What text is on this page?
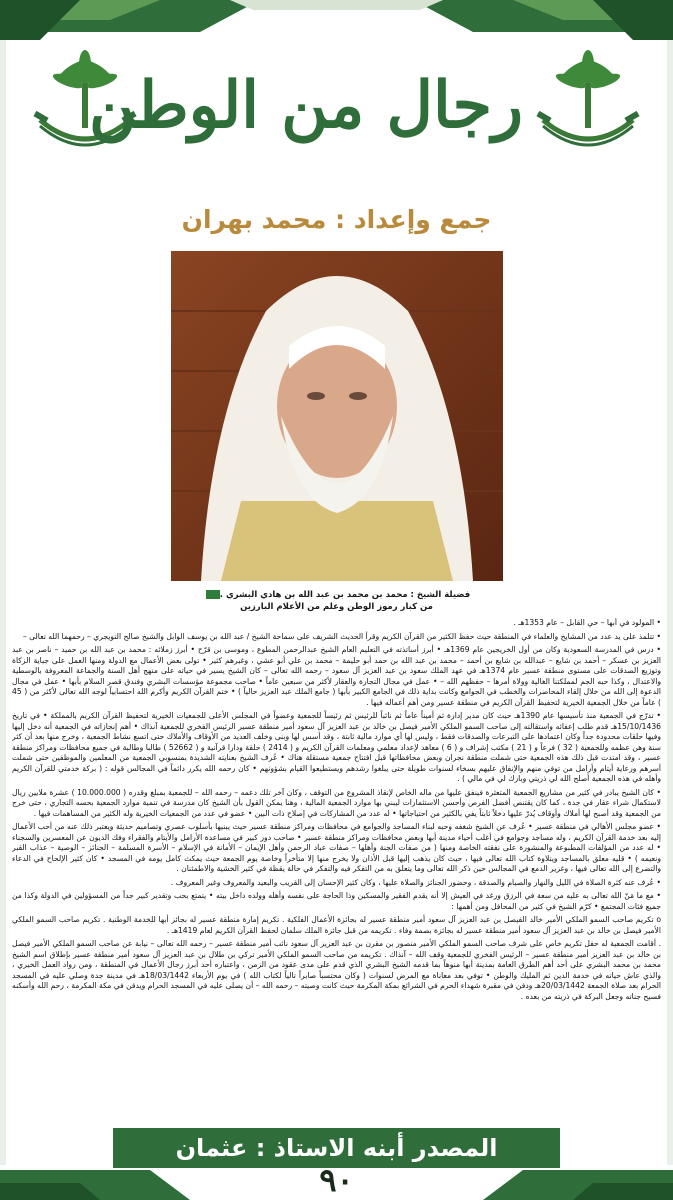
رجال من الوطن
جمع وإعداد : محمد بهران
فضيلة الشيخ : محمد بن محمد بن عبد الله بن هادي البشري .
من كبار رموز الوطن وعلم من الأعلام البارزين

• المولود في أبها – حي القابل – عام 1353هـ .

• تتلمذ على يد عدد من المشايخ والعلماء في المنطقة حيث حفظ الكثير من القرآن الكريم وقرأ الحديث الشريف على سماحة الشيخ / عبد الله بن يوسف الوابل والشيخ صالح التويجري – رحمهما الله تعالى –

• درس في المدرسة السعودية وكان من أول الخريجين عام 1369هـ • أبرز أساتذته في التعليم العام الشيخ عبدالرحمن المطوع ، وموسى بن قرّح • أبرز زملائه : محمد بن عبد الله بن حميد – ناصر بن عبد العزيز بن عسكر – أحمد بن شايع – عبدالله بن شايع بن أحمد – محمد بن عبد الله بن حمد أبو حليمة – محمد بن علي أبو عشي ، وغيرهم كثير • تولى بعض الأعمال مع الدولة ومنها العمل على جباية الزكاة وتوزيع الصدقات على مستوى منطقة عسير عام 1374هـ في عهد الملك سعود بن عبد العزيز آل سعود – رحمه الله تعالى – كان الشيخ يسير في حياته على منهج أهل السنة والجماعة المعروفة بالوسطية والاعتدال ، وكذا حبه الجم لمملكتنا الغالية وولاة أمرها – حفظهم الله – • عمل في مجال التجارة والعقار لأكثر من سبعين عاماً • صاحب مجموعة مؤسسات البشري وفندق قصر السلام بأبها • عمل في مجال الدعوة إلى الله من خلال إلقاء المحاضرات والخطب في الجوامع وكانت بداية ذلك في الجامع الكبير بأبها ( جامع الملك عبد العزيز حالياً ) • ختم القرآن الكريم وأكرم الله احتسابياً لوجه الله تعالى لأكثر من ( 45 ) عاماً من خلال الجمعية الخيرية لتحفيظ القرآن الكريم في منطقة عسير ومن أهم أعماله فيها .

• تدرّج في الجمعية منذ تأسيسها عام 1390هـ حيث كان مدير إدارة ثم أميناً عاماً ثم نائباً للرئيس ثم رئيساً للجمعية وعضواً في المجلس الأعلى للجمعيات الخيرية لتحفيظ القرآن الكريم بالمملكة • في تاريخ 15/10/1436هـ قدم طلب إعفائه واستقالته إلى صاحب السمو الملكي الأمير فيصل بن خالد بن عبد العزيز آل سعود أمير منطقة عسير الرئيس الفخري للجمعية آنذاك • أهم إنجازاته في الجمعية أنه دخل إليها وفيها حلقات محدودة جداً وكان اعتمادها على التبرعات والصدقات فقط ، وليس لها أي موارد مالية ثابتة ، وقد أسس لها وبنى وخلف العديد من الأوقاف والأملاك حتى اتسع نشاط الجمعية ، وخرج منها بعد أن كثر سنة وهن عظمه وللجمعية ( 32 ) فرعاً و ( 21 ) مكتب إشراف و ( 6 ) معاهد لإعداد معلمي ومعلمات القرآن الكريم و ( 2414 ) حلقة ودارا قرآنية و ( 52662 ) طالبا وطالبة في جميع محافظات ومراكز منطقة عسير ، وقد امتدت قبل ذلك هذه الجمعية حتى شملت منطقة نجران وبعض محافظاتها قبل افتتاح جمعية مستقلة هناك • عُرف الشيخ بعنايته الشديدة بمنسوبي الجمعية من المعلمين والموظفين حتى شملت أسرهم ورعاية أيتام وأرامل من توفي منهم والإنفاق عليهم بسخاء لسنوات طويلة حتى يبلغوا رشدهم ويستطيعوا القيام بشؤونهم • كان رحمه الله يكرر دائماً في المجالس قوله : ( بركة خدمتي للقرآن الكريم وأهله في هذه الجمعية أصلح الله لي ذريتي وبارك لي في مالي ) .

• كان الشيخ يبادر في كثير من مشاريع الجمعية المتعثرة فينفق عليها من ماله الخاص لإنقاذ المشروع من التوقف ، وكان آخر تلك دعمه – رحمه الله – للجمعية بمبلغ وقدره ( 10.000.000 ) عشرة ملايين ريال لاستكمال شراء عقار في جدة ، كما كان يقتنص أفضل الفرص وأحسن الاستثمارات ليبني بها موارد الجمعية المالية ، وهنا يمكن القول بأن الشيخ كان مدرسة في تنمية موارد الجمعية بحسه التجاري ، حتى خرج من الجمعية وقد أصبح لها أملاك وأوقاف يُدرّ عليها دخلاً ثابتاً يفي بالكثير من احتياجاتها • له عدد من المشاركات في إصلاح ذات البين • عضو في عدد من الجمعيات الخيرية وله الكثير من المساهمات فيها .

• عضو مجلس الأهالي في منطقة عسير • عُرف عن الشيخ شغفه وحبه لبناء المساجد والجوامع في محافظات ومراكز منطقة عسير حيث يبنيها بأسلوب عصري وتصاميم حديثة ويعتبر ذلك عنه من أحب الأعمال إليه بعد خدمة القرآن الكريم ، وله مساجد وجوامع في أغلب أحياء مدينة أبها وبعض محافظات ومراكز منطقة عسير • صاحب دور كبير في مساعدة الأرامل والأيتام والفقراء وفك الديون عن المعسرين والسجناء • له عدد من المؤلفات المطبوعة والمنشورة على نفقته الخاصة ومنها ( من صفات الجنة وأهلها – صفات عباد الرحمن وأهل الإيمان – الأمانة في الإسلام – الأسرة المسلمة – الجنائز – الوصية – عذاب القبر ونعيمه ) • قليه معلق بالمساجد ويتلاوة كتاب الله تعالى فيها ، حيث كان يذهب إليها قبل الأذان ولا يخرج منها إلا متأخراً وخاصة يوم الجمعة حيث يمكث كامل يومه في المسجد • كان كثير الإلحاح في الدعاء والتضرع إلى الله تعالى فيها ، وغزير الدمع في المجالس حين ذكر الله تعالى وما يتعلق به من التفكر فيه والتفكر في حالة يقظة في كثير الخشية والاطمئنان .

• عُرف عنه كثرة الصلاة في الليل والنهار والصيام والصدقة ، وحضور الجنائز والصلاة عليها ، وكان كثير الإحسان إلى القريب والبعيد والمعروف وغير المعروف .

• مع ما مَنّ الله تعالى به عليه من سعة في الرزق ورغد في العيش إلا أنه يقدم الفقير والمسكين وذا الحاجة على نفسه وأهله وولده داخل بيته • يتمتع بحب وتقدير كبير جداً من المسؤولين في الدولة وكذا من جميع فئات المجتمع • كرّم الشيخ في كثير من المحافل ومن أهمها :

o تكريم صاحب السمو الملكي الأمير خالد الفيصل بن عبد العزيز آل سعود أمير منطقة عسير له بجائزة الأعمال الفلكية . تكريم إمارة منطقة عسير له بجائز أبها للخدمة الوطنية . تكريم صاحب السمو الملكي الأمير فيصل بن خالد بن عبد العزيز آل سعود أمير منطقة عسير له بجائزة بصمة وفاء . تكريمه من قبل جائزة الملك سلمان لحفظ القرآن الكريم لعام 1419هـ .

. أقامت الجمعية له حفل تكريم خاص على شرف صاحب السمو الملكي الأمير منصور بن مقرن بن عبد العزيز آل سعود نائب أمير منطقة عسير – رحمه الله تعالى – نيابة عن صاحب السمو الملكي الأمير فيصل بن خالد بن عبد العزيز أمير منطقة عسير – الرئيس الفخري للجمعية وقف الله – آنذاك . تكريمه من صاحب السمو الملكي الأمير تركي بن طلال بن عبد العزيز آل سعود أمير منطقة عسير بإطلاق اسم الشيخ محمد بن محمد البشري على أحد أهم الطرق العامة بمدينة أبها منوهاً بما قدمه الشيخ البشري الذي قدم على مدى عقود من الزمن ، واعتباره أحد أبرز رجال الأعمال في المنطقة ، ومن رواد العمل الخيري ، والذي عاش حياته في خدمة الدين ثم المليك والوطن • توفي بعد معاناة مع المرض لسنوات ( وكان محتسباً صابراً تالياً لكتاب الله ) في يوم الأربعاء 18/03/1442هـ في مدينة جدة وصلي عليه في المسجد الحرام بعد صلاة الجمعة 20/03/1442هـ ودفن في مقبرة شهداء الحرم في الشرائع بمكة المكرمة حيث كانت وصيته – رحمه الله – أن يصلى عليه في المسجد الحرام ويدفن في مكة المكرمة ، رحم الله وأسكنه فسيح جناته وجعل البركة في ذريته من بعده .

المصدر أبنه الاستاذ : عثمان
٩٠
